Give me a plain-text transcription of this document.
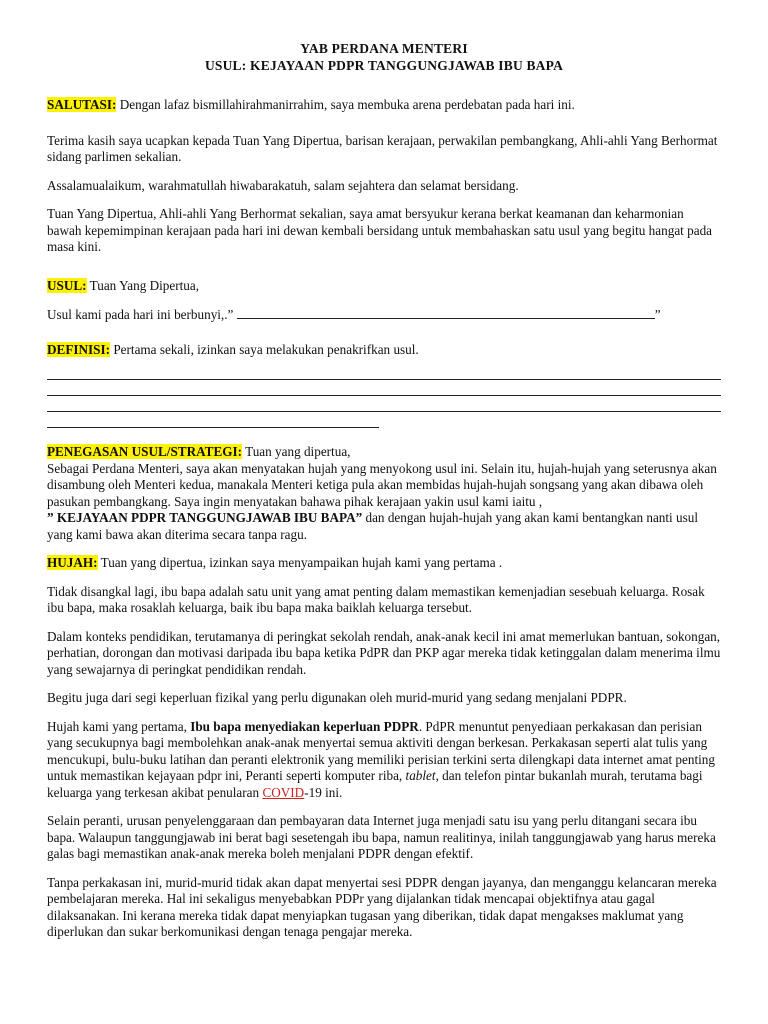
YAB PERDANA MENTERI
USUL: KEJAYAAN PDPR TANGGUNGJAWAB IBU BAPA

SALUTASI: Dengan lafaz bismillahirahmanirrahim, saya membuka arena perdebatan pada hari ini.

Terima kasih saya ucapkan kepada Tuan Yang Dipertua, barisan kerajaan, perwakilan pembangkang, Ahli-ahli Yang Berhormat sidang parlimen sekalian.

Assalamualaikum, warahmatullah hiwabarakatuh, salam sejahtera dan selamat bersidang.

Tuan Yang Dipertua, Ahli-ahli Yang Berhormat sekalian, saya amat bersyukur kerana berkat keamanan dan keharmonian bawah kepemimpinan kerajaan pada hari ini dewan kembali bersidang untuk membahaskan satu usul yang begitu hangat pada masa kini.

USUL: Tuan Yang Dipertua,

Usul kami pada hari ini berbunyi,.”	”

DEFINISI: Pertama sekali, izinkan saya melakukan penakrifkan usul.

PENEGASAN USUL/STRATEGI: Tuan yang dipertua,

Sebagai Perdana Menteri, saya akan menyatakan hujah yang menyokong usul ini. Selain itu, hujah-hujah yang seterusnya akan disambung oleh Menteri kedua, manakala Menteri ketiga pula akan membidas hujah-hujah songsang yang akan dibawa oleh pasukan pembangkang. Saya ingin menyatakan bahawa pihak kerajaan yakin usul kami iaitu ,
” KEJAYAAN PDPR TANGGUNGJAWAB IBU BAPA” dan dengan hujah-hujah yang akan kami bentangkan nanti usul yang kami bawa akan diterima secara tanpa ragu.

HUJAH: Tuan yang dipertua, izinkan saya menyampaikan hujah kami yang pertama .

Tidak disangkal lagi, ibu bapa adalah satu unit yang amat penting dalam memastikan kemenjadian sesebuah keluarga. Rosak ibu bapa, maka rosaklah keluarga, baik ibu bapa maka baiklah keluarga tersebut.

Dalam konteks pendidikan, terutamanya di peringkat sekolah rendah, anak-anak kecil ini amat memerlukan bantuan, sokongan, perhatian, dorongan dan motivasi daripada ibu bapa ketika PdPR dan PKP agar mereka tidak ketinggalan dalam menerima ilmu yang sewajarnya di peringkat pendidikan rendah.

Begitu juga dari segi keperluan fizikal yang perlu digunakan oleh murid-murid yang sedang menjalani PDPR.

Hujah kami yang pertama, Ibu bapa menyediakan keperluan PDPR. PdPR menuntut penyediaan perkakasan dan perisian yang secukupnya bagi membolehkan anak-anak menyertai semua aktiviti dengan berkesan. Perkakasan seperti alat tulis yang mencukupi, bulu-buku latihan dan peranti elektronik yang memiliki perisian terkini serta dilengkapi data internet amat penting untuk memastikan kejayaan pdpr ini, Peranti seperti komputer riba, tablet, dan telefon pintar bukanlah murah, terutama bagi keluarga yang terkesan akibat penularan COVID-19 ini.

Selain peranti, urusan penyelenggaraan dan pembayaran data Internet juga menjadi satu isu yang perlu ditangani secara ibu bapa. Walaupun tanggungjawab ini berat bagi sesetengah ibu bapa, namun realitinya, inilah tanggungjawab yang harus mereka galas bagi memastikan anak-anak mereka boleh menjalani PDPR dengan efektif.

Tanpa perkakasan ini, murid-murid tidak akan dapat menyertai sesi PDPR dengan jayanya, dan menganggu kelancaran mereka pembelajaran mereka. Hal ini sekaligus menyebabkan PDPr yang dijalankan tidak mencapai objektifnya atau gagal dilaksanakan. Ini kerana mereka tidak dapat menyiapkan tugasan yang diberikan, tidak dapat mengakses maklumat yang diperlukan dan sukar berkomunikasi dengan tenaga pengajar mereka.
